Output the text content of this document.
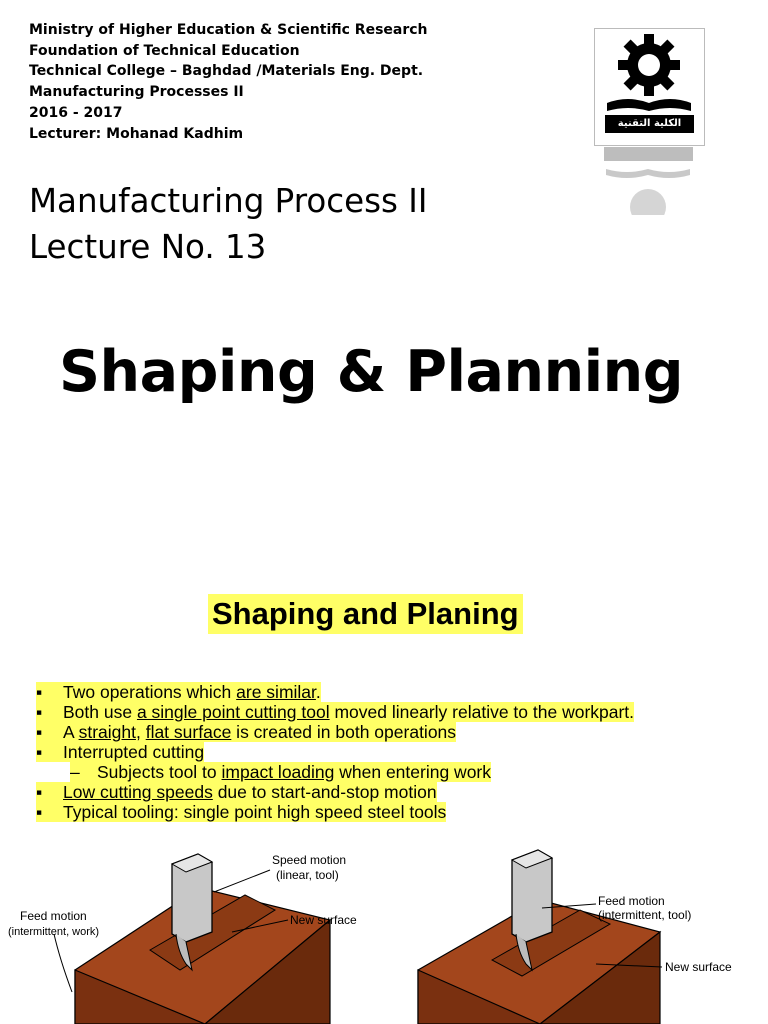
Ministry of Higher Education & Scientific Research
Foundation of Technical Education
Technical College – Baghdad /Materials Eng. Dept.
Manufacturing Processes II
2016 - 2017
Lecturer: Mohanad Kadhim
الكلية التقنية بغداد
Manufacturing Process II
Lecture No. 13
Shaping & Planning
Shaping and Planing
▪	Two operations which are similar.
▪	Both use a single point cutting tool moved linearly relative to the workpart.
▪	A straight, flat surface is created in both operations
▪	Interrupted cutting
– Subjects tool to impact loading when entering work
▪	Low cutting speeds due to start-and-stop motion
▪	Typical tooling: single point high speed steel tools
Speed motion
(linear, tool)
New surface
Feed motion
(intermittent, work)
Feed motion
(intermittent, tool)
New surface
